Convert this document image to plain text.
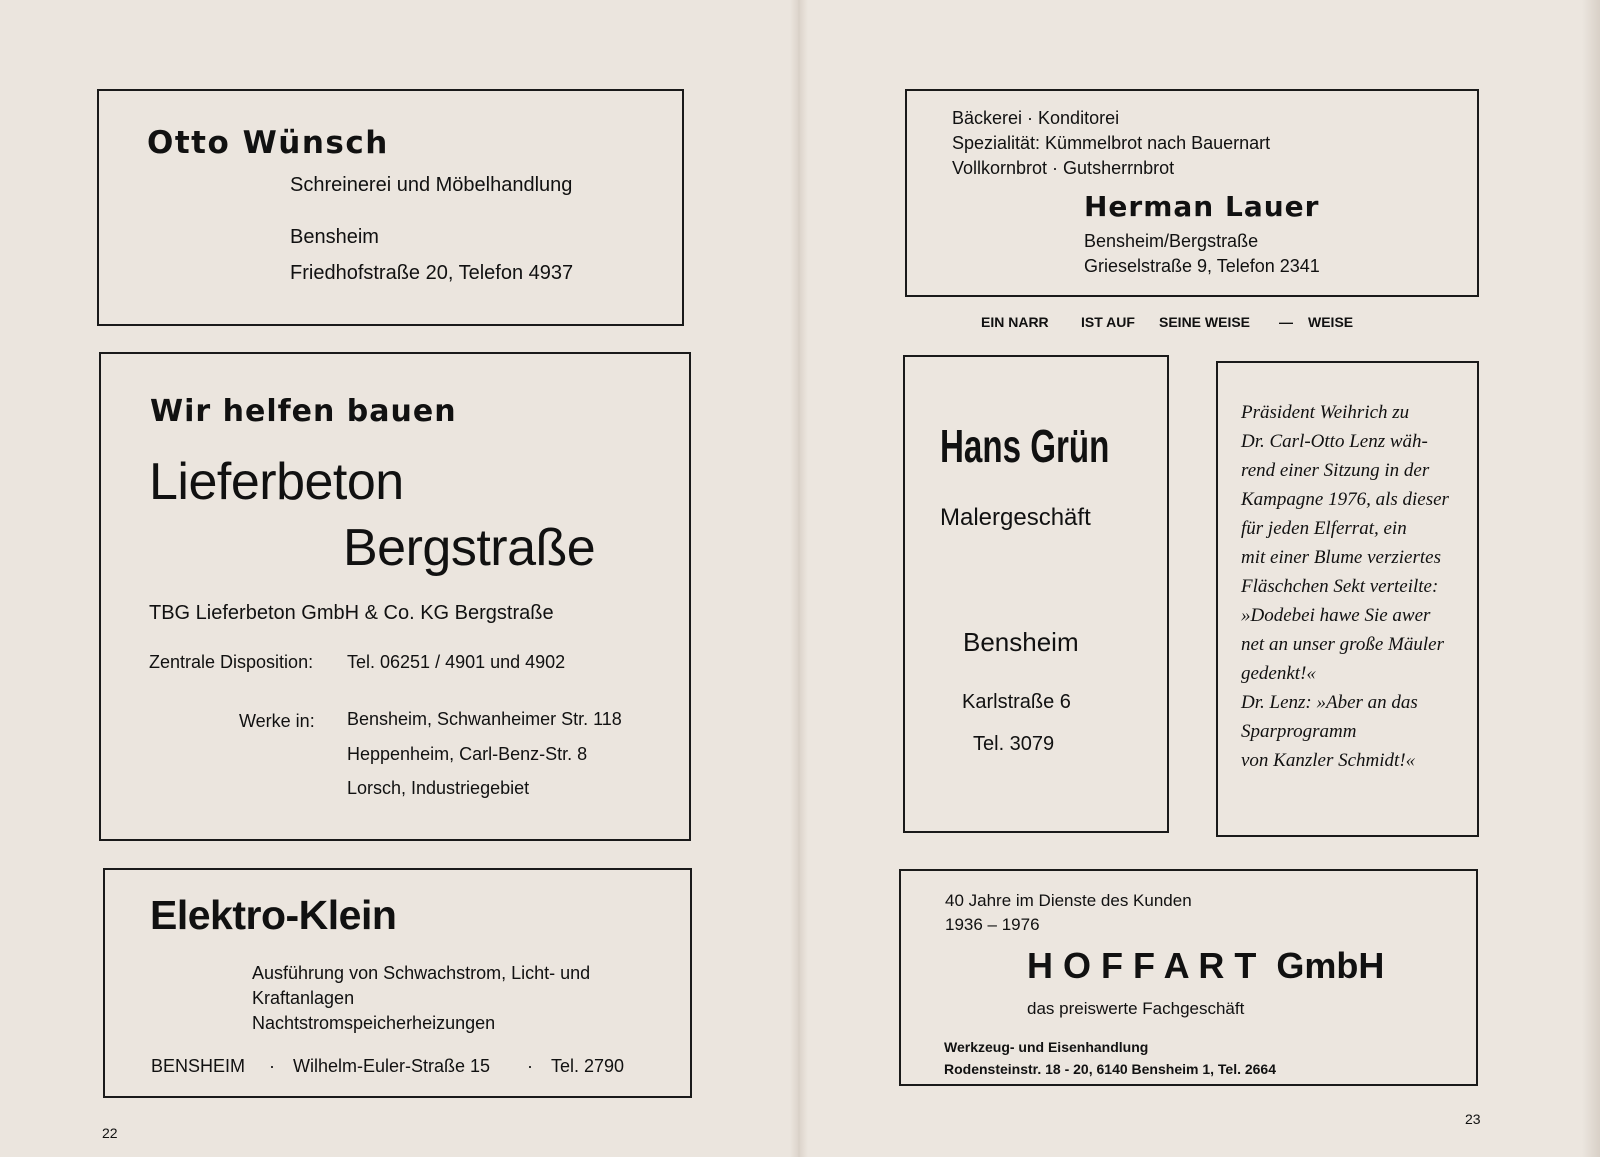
Otto Wünsch
Schreinerei und Möbelhandlung
Bensheim
Friedhofstraße 20, Telefon 4937
Wir helfen bauen
Lieferbeton
Bergstraße
TBG Lieferbeton GmbH & Co. KG Bergstraße
Zentrale Disposition: Tel. 06251 / 4901 und 4902
Werke in: Bensheim, Schwanheimer Str. 118
Heppenheim, Carl-Benz-Str. 8
Lorsch, Industriegebiet
Elektro-Klein
Ausführung von Schwachstrom, Licht- und
Kraftanlagen
Nachtstromspeicherheizungen
BENSHEIM · Wilhelm-Euler-Straße 15 · Tel. 2790
22
Bäckerei · Konditorei
Spezialität: Kümmelbrot nach Bauernart
Vollkornbrot · Gutsherrnbrot
Herman Lauer
Bensheim/Bergstraße
Grieselstraße 9, Telefon 2341
EIN NARR IST AUF SEINE WEISE — WEISE
Hans Grün
Malergeschäft
Bensheim
Karlstraße 6
Tel. 3079
Präsident Weihrich zu
Dr. Carl-Otto Lenz wäh-
rend einer Sitzung in der
Kampagne 1976, als dieser
für jeden Elferrat, ein
mit einer Blume verziertes
Fläschchen Sekt verteilte:
»Dodebei hawe Sie awer
net an unser große Mäuler
gedenkt!«
Dr. Lenz: »Aber an das
Sparprogramm
von Kanzler Schmidt!«
40 Jahre im Dienste des Kunden
1936 – 1976
H O F F A R T GmbH
das preiswerte Fachgeschäft
Werkzeug- und Eisenhandlung
Rodensteinstr. 18 - 20, 6140 Bensheim 1, Tel. 2664
23
